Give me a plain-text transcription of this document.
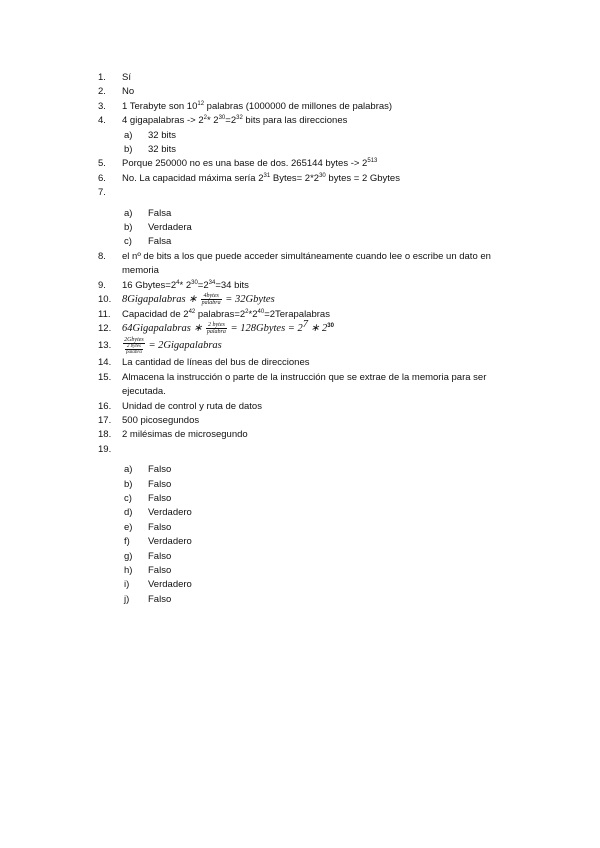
1. Sí
2. No
3. 1 Terabyte son $10^{12}$ palabras (1000000 de millones de palabras)
4. 4 gigapalabras -> $2^2*$ $2^{30}=2^{32}$ bits para las direcciones
a) 32 bits
b) 32 bits
5. Porque 250000 no es una base de dos. 265144 bytes -> $2^{513}$
6. No. La capacidad máxima sería $2^{31}$ Bytes= $2*2^{30}$ bytes = 2 Gbytes
7.

a) Falsa
b) Verdadera
c) Falsa
8. el nº de bits a los que puede acceder simultáneamente cuando lee o escribe un dato en memoria
9. 16 $Gbytes=2^4*$ $2^{30}=2^{34}=34$ bits
10. 8Gigapalabras ∗ 4bytes
palabra = 32Gbytes
11. Capacidad de $2^{42}$ $palabras=2^2*2^{40}=2Terapalabras$
12. 64Gigapalabras ∗ 2 bytes
palabra = 128Gbytes = $2^7$ ∗ $2^{30}$
13.
2Gbytes
2 bytes
palabra
= 2Gigapalabras
14. La cantidad de líneas del bus de direcciones
15. Almacena la instrucción o parte de la instrucción que se extrae de la memoria para ser ejecutada.
16. Unidad de control y ruta de datos
17. 500 picosegundos
18. 2 milésimas de microsegundo
19.

a) Falso
b) Falso
c) Falso
d) Verdadero
e) Falso
f) Verdadero
g) Falso
h) Falso
i) Verdadero
j) Falso
